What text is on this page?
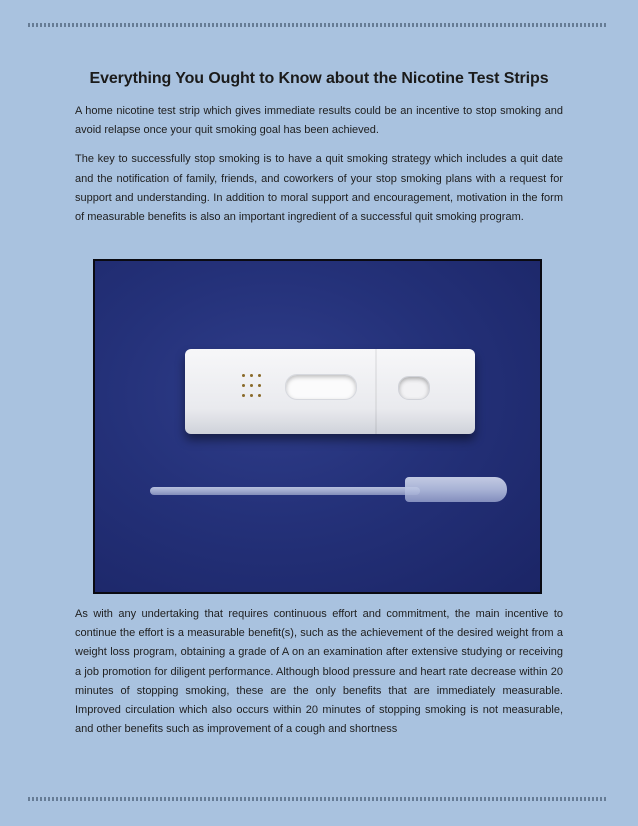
Everything You Ought to Know about the Nicotine Test Strips

A home nicotine test strip which gives immediate results could be an incentive to stop smoking and avoid relapse once your quit smoking goal has been achieved.

The key to successfully stop smoking is to have a quit smoking strategy which includes a quit date and the notification of family, friends, and coworkers of your stop smoking plans with a request for support and understanding. In addition to moral support and encouragement, motivation in the form of measurable benefits is also an important ingredient of a successful quit smoking program.

As with any undertaking that requires continuous effort and commitment, the main incentive to continue the effort is a measurable benefit(s), such as the achievement of the desired weight from a weight loss program, obtaining a grade of A on an examination after extensive studying or receiving a job promotion for diligent performance. Although blood pressure and heart rate decrease within 20 minutes of stopping smoking, these are the only benefits that are immediately measurable. Improved circulation which also occurs within 20 minutes of stopping smoking is not measurable, and other benefits such as improvement of a cough and shortness
